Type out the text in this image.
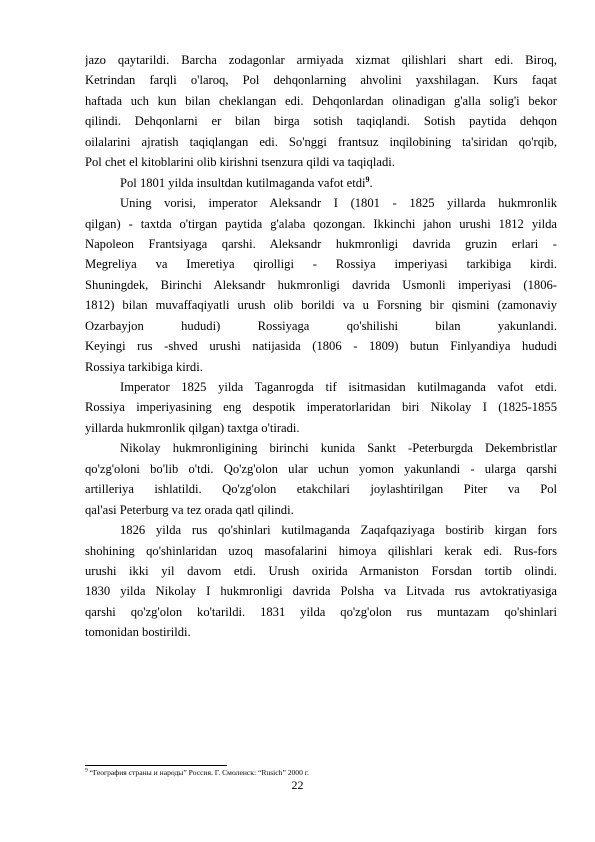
jazo qaytarildi. Barcha zodagonlar armiyada xizmat qilishlari shart edi. Biroq,
Ketrindan farqli o'laroq, Pol dehqonlarning ahvolini yaxshilagan. Kurs faqat
haftada uch kun bilan cheklangan edi. Dehqonlardan olinadigan g'alla solig'i bekor
qilindi. Dehqonlarni er bilan birga sotish taqiqlandi. Sotish paytida dehqon
oilalarini ajratish taqiqlangan edi. So'nggi frantsuz inqilobining ta'siridan qo'rqib,
Pol chet el kitoblarini olib kirishni tsenzura qildi va taqiqladi.
Pol 1801 yilda insultdan kutilmaganda vafot etdi$^9$.
Uning vorisi, imperator Aleksandr I (1801 - 1825 yillarda hukmronlik
qilgan) - taxtda o'tirgan paytida g'alaba qozongan. Ikkinchi jahon urushi 1812 yilda
Napoleon Frantsiyaga qarshi. Aleksandr hukmronligi davrida gruzin erlari -
Megreliya va Imeretiya qirolligi - Rossiya imperiyasi tarkibiga kirdi.
Shuningdek, Birinchi Aleksandr hukmronligi davrida Usmonli imperiyasi (1806-
1812) bilan muvaffaqiyatli urush olib borildi va u Forsning bir qismini (zamonaviy
Ozarbayjon hududi) Rossiyaga qo'shilishi bilan yakunlandi.
Keyingi rus -shved urushi natijasida (1806 - 1809) butun Finlyandiya hududi
Rossiya tarkibiga kirdi.
Imperator 1825 yilda Taganrogda tif isitmasidan kutilmaganda vafot etdi.
Rossiya imperiyasining eng despotik imperatorlaridan biri Nikolay I (1825-1855
yillarda hukmronlik qilgan) taxtga o'tiradi.
Nikolay hukmronligining birinchi kunida Sankt -Peterburgda Dekembristlar
qo'zg'oloni bo'lib o'tdi. Qo'zg'olon ular uchun yomon yakunlandi - ularga qarshi
artilleriya ishlatildi. Qo'zg'olon etakchilari joylashtirilgan Piter va Pol
qal'asi Peterburg va tez orada qatl qilindi.
1826 yilda rus qo'shinlari kutilmaganda Zaqafqaziyaga bostirib kirgan fors
shohining qo'shinlaridan uzoq masofalarini himoya qilishlari kerak edi. Rus-fors
urushi ikki yil davom etdi. Urush oxirida Armaniston Forsdan tortib olindi.
1830 yilda Nikolay I hukmronligi davrida Polsha va Litvada rus avtokratiyasiga
qarshi qo'zg'olon ko'tarildi. 1831 yilda qo'zg'olon rus muntazam qo'shinlari
tomonidan bostirildi.
$^9$ “География страны и народы” Россия. Г. Смоленск: “Rusich” 2000 г.
22
